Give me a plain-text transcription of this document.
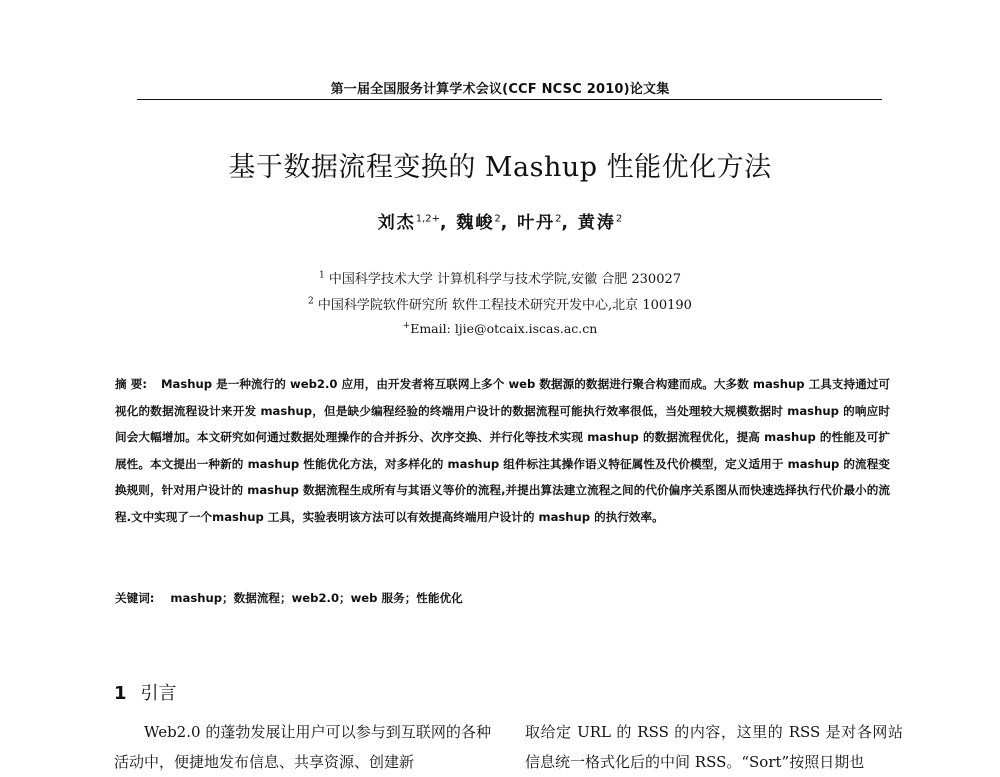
第一届全国服务计算学术会议(CCF NCSC 2010)论文集
基于数据流程变换的 Mashup 性能优化方法
刘杰$^{1,2+}$, 魏峻$^2$, 叶丹$^2$, 黄涛$^2$
$^1$ 中国科学技术大学 计算机科学与技术学院,安徽 合肥 230027
$^2$ 中国科学院软件研究所 软件工程技术研究开发中心,北京 100190
+Email: ljie@otcaix.iscas.ac.cn

摘 要: Mashup 是一种流行的 web2.0 应用，由开发者将互联网上多个 web 数据源的数据进行聚合构建而成。大多数 mashup 工具支持通过可视化的数据流程设计来开发 mashup，但是缺少编程经验的终端用户设计的数据流程可能执行效率很低，当处理较大规模数据时 mashup 的响应时间会大幅增加。本文研究如何通过数据处理操作的合并拆分、次序交换、并行化等技术实现 mashup 的数据流程优化，提高 mashup 的性能及可扩展性。本文提出一种新的 mashup 性能优化方法，对多样化的 mashup 组件标注其操作语义特征属性及代价模型，定义适用于 mashup 的流程变换规则，针对用户设计的 mashup 数据流程生成所有与其语义等价的流程,并提出算法建立流程之间的代价偏序关系图从而快速选择执行代价最小的流程.文中实现了一个mashup 工具，实验表明该方法可以有效提高终端用户设计的 mashup 的执行效率。

关键词: mashup；数据流程；web2.0；web 服务；性能优化

1 引言

Web2.0 的蓬勃发展让用户可以参与到互联网的各种活动中，便捷地发布信息、共享资源、创建新

取给定 URL 的 RSS 的内容，这里的 RSS 是对各网站信息统一格式化后的中间 RSS。“Sort”按照日期也
